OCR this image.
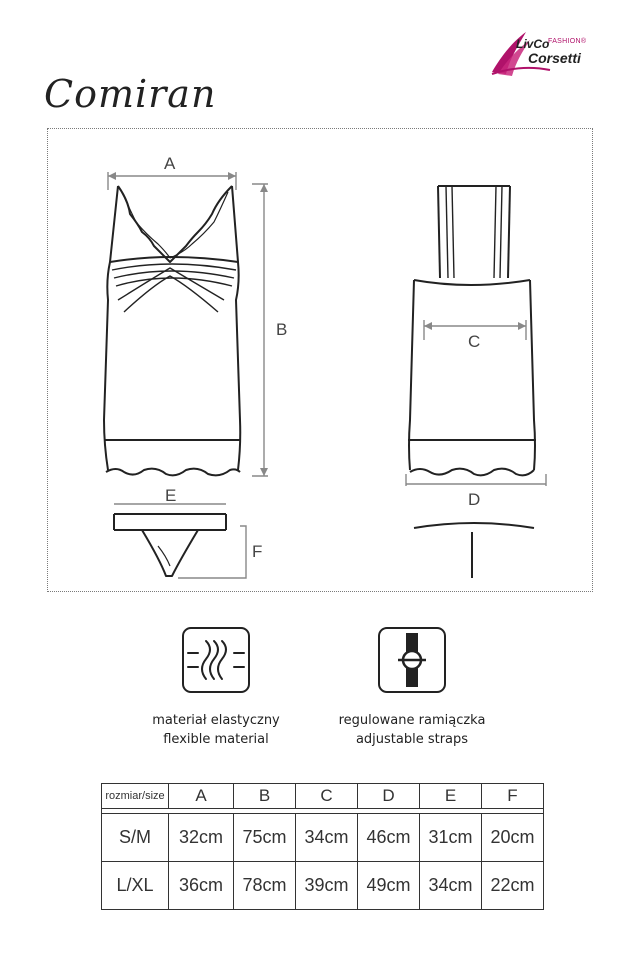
LivCo
FASHION®
Corsetti
Comiran
A
B
C
D
E
F
materiał elastyczny
flexible material
regulowane ramiączka
adjustable straps
rozmiar/size	A	B	C	D	E	F

S/M	32cm	75cm	34cm	46cm	31cm	20cm
L/XL	36cm	78cm	39cm	49cm	34cm	22cm
